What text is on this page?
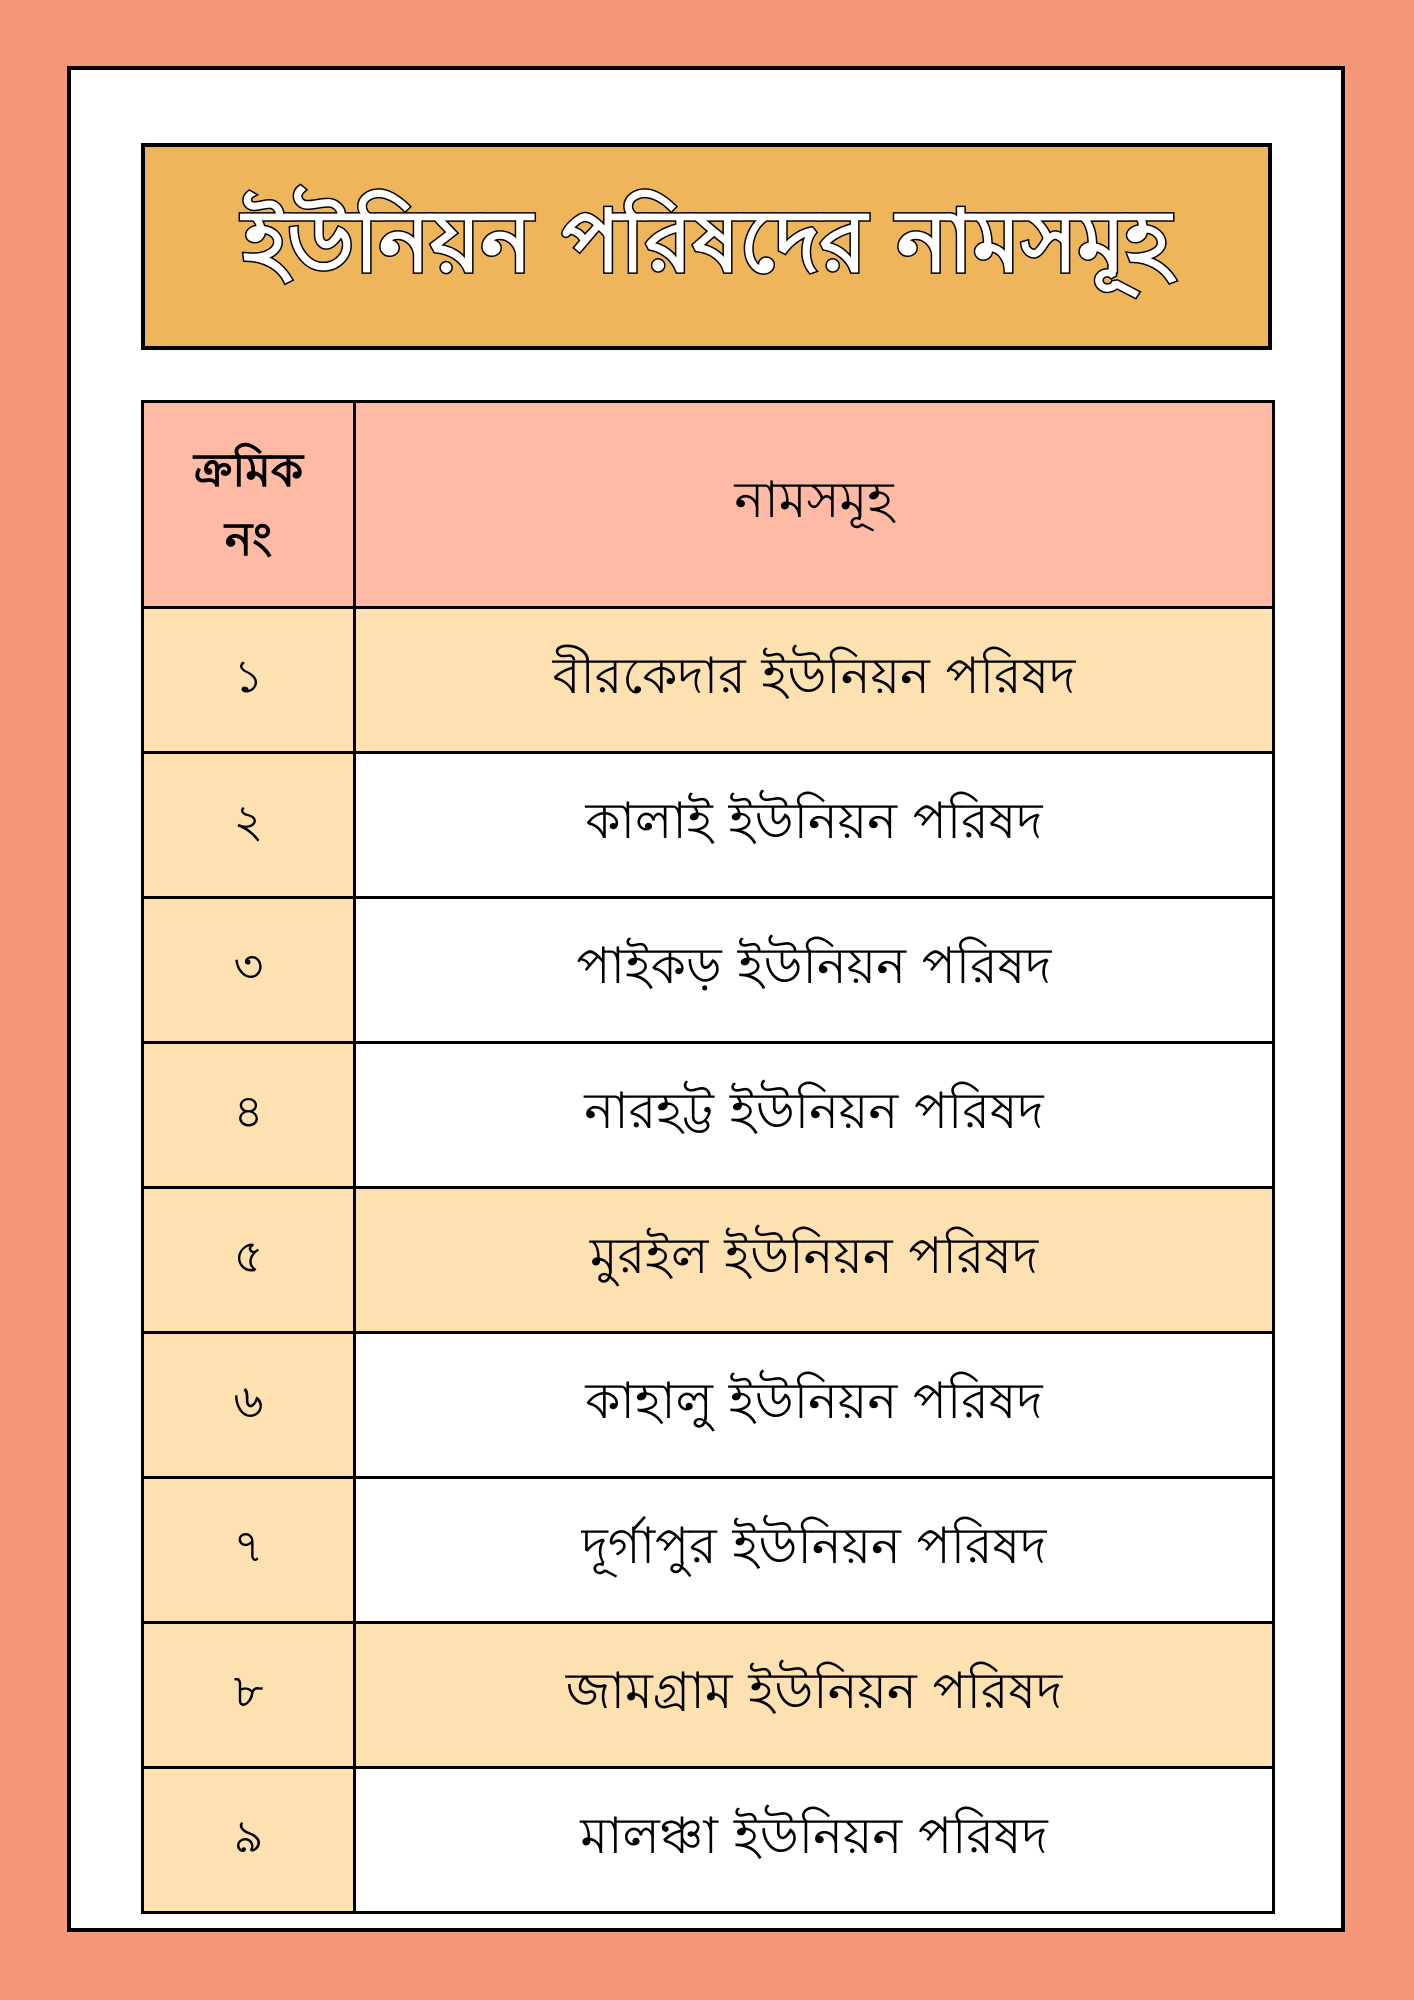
ইউনিয়ন পরিষদের নামসমূহ
ক্রমিক
নং	নামসমূহ
১	বীরকেদার ইউনিয়ন পরিষদ
২	কালাই ইউনিয়ন পরিষদ
৩	পাইকড় ইউনিয়ন পরিষদ
৪	নারহট্ট ইউনিয়ন পরিষদ
৫	মুরইল ইউনিয়ন পরিষদ
৬	কাহালু ইউনিয়ন পরিষদ
৭	দূর্গাপুর ইউনিয়ন পরিষদ
৮	জামগ্রাম ইউনিয়ন পরিষদ
৯	মালঞ্চা ইউনিয়ন পরিষদ
